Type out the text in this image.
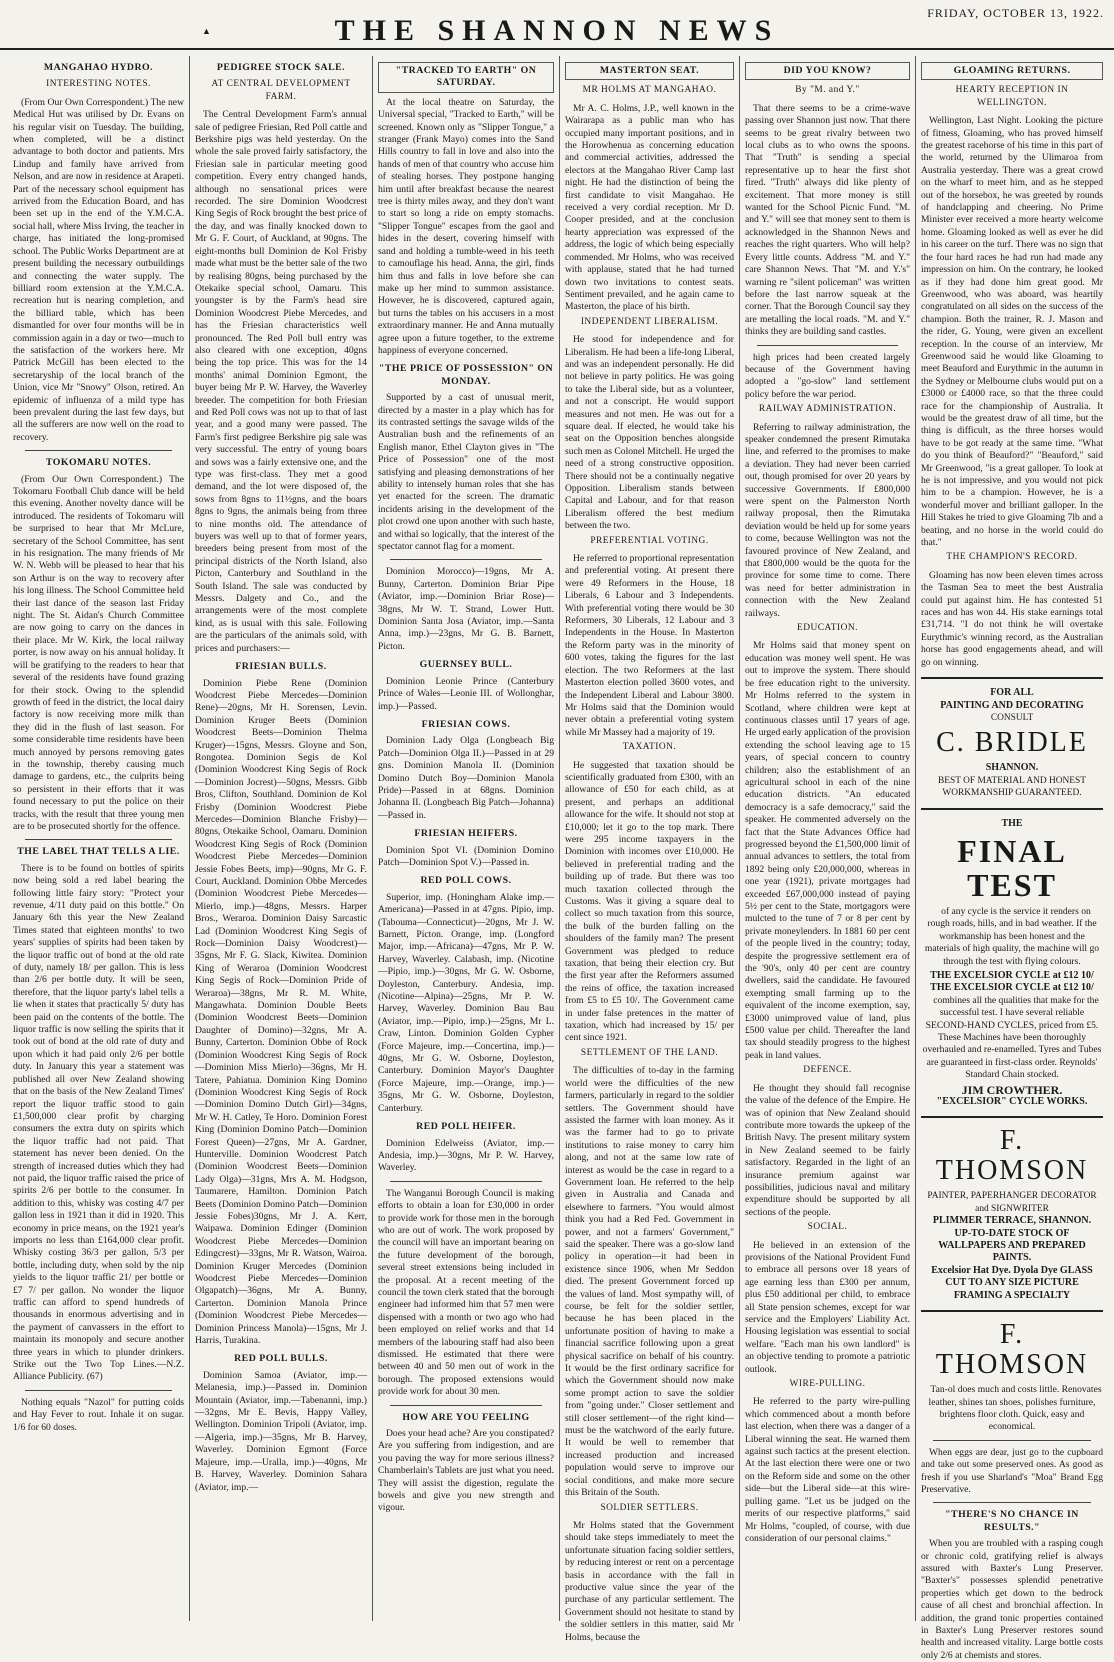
▲	THE SHANNON NEWS
FRIDAY, OCTOBER 13, 1922.
MANGAHAO HYDRO.
INTERESTING NOTES.
(From Our Own Correspondent.) The new Medical Hut was utilised by Dr. Evans on his regular visit on Tuesday. The building, when completed, will be a distinct advantage to both doctor and patients. Mrs Lindup and family have arrived from Nelson, and are now in residence at Arapeti. Part of the necessary school equipment has arrived from the Education Board, and has been set up in the end of the Y.M.C.A. social hall, where Miss Irving, the teacher in charge, has initiated the long-promised school. The Public Works Department are at present building the necessary outbuildings and connecting the water supply. The billiard room extension at the Y.M.C.A. recreation hut is nearing completion, and the billiard table, which has been dismantled for over four months will be in commission again in a day or two—much to the satisfaction of the workers here. Mr Patrick McGill has been elected to the secretaryship of the local branch of the Union, vice Mr "Snowy" Olson, retired. An epidemic of influenza of a mild type has been prevalent during the last few days, but all the sufferers are now well on the road to recovery.
TOKOMARU NOTES.
(From Our Own Correspondent.) The Tokomaru Football Club dance will be held this evening. Another novelty dance will be introduced. The residents of Tokomaru will be surprised to hear that Mr McLure, secretary of the School Committee, has sent in his resignation. The many friends of Mr W. N. Webb will be pleased to hear that his son Arthur is on the way to recovery after his long illness. The School Committee held their last dance of the season last Friday night. The St. Aidan's Church Committee are now going to carry on the dances in their place. Mr W. Kirk, the local railway porter, is now away on his annual holiday. It will be gratifying to the readers to hear that several of the residents have found grazing for their stock. Owing to the splendid growth of feed in the district, the local dairy factory is now receiving more milk than they did in the flush of last season. For some considerable time residents have been much annoyed by persons removing gates in the township, thereby causing much damage to gardens, etc., the culprits being so persistent in their efforts that it was found necessary to put the police on their tracks, with the result that three young men are to be prosecuted shortly for the offence.
THE LABEL THAT TELLS A LIE.
There is to be found on bottles of spirits now being sold a red label bearing the following little fairy story: "Protect your revenue, 4/11 duty paid on this bottle." On January 6th this year the New Zealand Times stated that eighteen months' to two years' supplies of spirits had been taken by the liquor traffic out of bond at the old rate of duty, namely 18/ per gallon. This is less than 2/6 per bottle duty. It will be seen, therefore, that the liquor party's label tells a lie when it states that practically 5/ duty has been paid on the contents of the bottle. The liquor traffic is now selling the spirits that it took out of bond at the old rate of duty and upon which it had paid only 2/6 per bottle duty. In January this year a statement was published all over New Zealand showing that on the basis of the New Zealand Times' report the liquor traffic stood to gain £1,500,000 clear profit by charging consumers the extra duty on spirits which the liquor traffic had not paid. That statement has never been denied. On the strength of increased duties which they had not paid, the liquor traffic raised the price of spirits 2/6 per bottle to the consumer. In addition to this, whisky was costing 4/7 per gallon less in 1921 than it did in 1920. This economy in price means, on the 1921 year's imports no less than £164,000 clear profit. Whisky costing 36/3 per gallon, 5/3 per bottle, including duty, when sold by the nip yields to the liquor traffic 21/ per bottle or £7 7/ per gallon. No wonder the liquor traffic can afford to spend hundreds of thousands in enormous advertising and in the payment of canvassers in the effort to maintain its monopoly and secure another three years in which to plunder drinkers. Strike out the Two Top Lines.—N.Z. Alliance Publicity. (67)
Nothing equals "Nazol" for putting colds and Hay Fever to rout. Inhale it on sugar. 1/6 for 60 doses.
PEDIGREE STOCK SALE.
AT CENTRAL DEVELOPMENT FARM.
The Central Development Farm's annual sale of pedigree Friesian, Red Poll cattle and Berkshire pigs was held yesterday. On the whole the sale proved fairly satisfactory, the Friesian sale in particular meeting good competition. Every entry changed hands, although no sensational prices were recorded. The sire Dominion Woodcrest King Segis of Rock brought the best price of the day, and was finally knocked down to Mr G. F. Court, of Auckland, at 90gns. The eight-months bull Dominion de Kol Frisby made what must be the better sale of the two by realising 80gns, being purchased by the Otekaike special school, Oamaru. This youngster is by the Farm's head sire Dominion Woodcrest Piebe Mercedes, and has the Friesian characteristics well pronounced. The Red Poll bull entry was also cleared with one exception, 40gns being the top price. This was for the 14 months' animal Dominion Egmont, the buyer being Mr P. W. Harvey, the Waverley breeder. The competition for both Friesian and Red Poll cows was not up to that of last year, and a good many were passed. The Farm's first pedigree Berkshire pig sale was very successful. The entry of young boars and sows was a fairly extensive one, and the type was first-class. They met a good demand, and the lot were disposed of, the sows from 8gns to 11½gns, and the boars 8gns to 9gns, the animals being from three to nine months old. The attendance of buyers was well up to that of former years, breeders being present from most of the principal districts of the North Island, also Picton, Canterbury and Southland in the South Island. The sale was conducted by Messrs. Dalgety and Co., and the arrangements were of the most complete kind, as is usual with this sale. Following are the particulars of the animals sold, with prices and purchasers:—
FRIESIAN BULLS.
Dominion Piebe Rene (Dominion Woodcrest Piebe Mercedes—Dominion Rene)—20gns, Mr H. Sorensen, Levin. Dominion Kruger Beets (Dominion Woodcrest Beets—Dominion Thelma Kruger)—15gns, Messrs. Gloyne and Son, Rongotea. Dominion Segis de Kol (Dominion Woodcrest King Segis of Rock—Dominion Jocrest)—50gns, Messrs. Gibb Bros, Clifton, Southland. Dominion de Kol Frisby (Dominion Woodcrest Piebe Mercedes—Dominion Blanche Frisby)—80gns, Otekaike School, Oamaru. Dominion Woodcrest King Segis of Rock (Dominion Woodcrest Piebe Mercedes—Dominion Jessie Fobes Beets, imp)—90gns, Mr G. F. Court, Auckland. Dominion Obbe Mercedes (Dominion Woodcrest Piebe Mercedes—Mierlo, imp.)—48gns, Messrs. Harper Bros., Weraroa. Dominion Daisy Sarcastic Lad (Dominion Woodcrest King Segis of Rock—Dominion Daisy Woodcrest)—35gns, Mr F. G. Slack, Kiwitea. Dominion King of Weraroa (Dominion Woodcrest King Segis of Rock—Dominion Pride of Weraroa)—38gns, Mr R. M. White, Mangawhata. Dominion Double Beets (Dominion Woodcrest Beets—Dominion Daughter of Domino)—32gns, Mr A. Bunny, Carterton. Dominion Obbe of Rock (Dominion Woodcrest King Segis of Rock—Dominion Miss Mierlo)—36gns, Mr H. Tatere, Pahiatua. Dominion King Domino (Dominion Woodcrest King Segis of Rock—Dominion Domino Dutch Girl)—34gns, Mr W. H. Catley, Te Horo. Dominion Forest King (Dominion Domino Patch—Dominion Forest Queen)—27gns, Mr A. Gardner, Hunterville. Dominion Woodcrest Patch (Dominion Woodcrest Beets—Dominion Lady Olga)—31gns, Mrs A. M. Hodgson, Taumarere, Hamilton. Dominion Patch Beets (Dominion Domino Patch—Dominion Jessie Fobes)30gns, Mr J. A. Kerr, Waipawa. Dominion Edinger (Dominion Woodcrest Piebe Mercedes—Dominion Edingcrest)—33gns, Mr R. Watson, Wairoa. Dominion Kruger Mercedes (Dominion Woodcrest Piebe Mercedes—Dominion Olgapatch)—36gns, Mr A. Bunny, Carterton. Dominion Manola Prince (Dominion Woodcrest Piebe Mercedes—Dominion Princess Manola)—15gns, Mr J. Harris, Turakina.
RED POLL BULLS.
Dominion Samoa (Aviator, imp.—Melanesia, imp.)—Passed in. Dominion Mountain (Aviator, imp.—Tabenanni, imp.)—32gns, Mr E. Bevis, Happy Valley, Wellington. Dominion Tripoli (Aviator, imp.—Algeria, imp.)—35gns, Mr B. Harvey, Waverley. Dominion Egmont (Force Majeure, imp.—Uralla, imp.)—40gns, Mr B. Harvey, Waverley. Dominion Sahara (Aviator, imp.—
"TRACKED TO EARTH" ON SATURDAY.
At the local theatre on Saturday, the Universal special, "Tracked to Earth," will be screened. Known only as "Slipper Tongue," a stranger (Frank Mayo) comes into the Sand Hills country to fall in love and also into the hands of men of that country who accuse him of stealing horses. They postpone hanging him until after breakfast because the nearest tree is thirty miles away, and they don't want to start so long a ride on empty stomachs. "Slipper Tongue" escapes from the gaol and hides in the desert, covering himself with sand and holding a tumble-weed in his teeth to camouflage his head. Anna, the girl, finds him thus and falls in love before she can make up her mind to summon assistance. However, he is discovered, captured again, but turns the tables on his accusers in a most extraordinary manner. He and Anna mutually agree upon a future together, to the extreme happiness of everyone concerned.
"THE PRICE OF POSSESSION" ON MONDAY.
Supported by a cast of unusual merit, directed by a master in a play which has for its contrasted settings the savage wilds of the Australian bush and the refinements of an English manor, Ethel Clayton gives in "The Price of Possession" one of the most satisfying and pleasing demonstrations of her ability to intensely human roles that she has yet enacted for the screen. The dramatic incidents arising in the development of the plot crowd one upon another with such haste, and withal so logically, that the interest of the spectator cannot flag for a moment.
Dominion Morocco)—19gns, Mr A. Bunny, Carterton. Dominion Briar Pipe (Aviator, imp.—Dominion Briar Rose)—38gns, Mr W. T. Strand, Lower Hutt. Dominion Santa Josa (Aviator, imp.—Santa Anna, imp.)—23gns, Mr G. B. Barnett, Picton.
GUERNSEY BULL.
Dominion Leonie Prince (Canterbury Prince of Wales—Leonie III. of Wollonghar, imp.)—Passed.
FRIESIAN COWS.
Dominion Lady Olga (Longbeach Big Patch—Dominion Olga II.)—Passed in at 29 gns. Dominion Manola II. (Dominion Domino Dutch Boy—Dominion Manola Pride)—Passed in at 68gns. Dominion Johanna II. (Longbeach Big Patch—Johanna)—Passed in.
FRIESIAN HEIFERS.
Dominion Spot VI. (Dominion Domino Patch—Dominion Spot V.)—Passed in.
RED POLL COWS.
Superior, imp. (Honingham Alake imp.—Americana)—Passed in at 47gns. Pipio, imp. (Tabouma—Connecticut)—20gns, Mr J. W. Barnett, Picton. Orange, imp. (Longford Major, imp.—Africana)—47gns, Mr P. W. Harvey, Waverley. Calabash, imp. (Nicotine—Pipio, imp.)—30gns, Mr G. W. Osborne, Doyleston, Canterbury. Andesia, imp. (Nicotine—Alpina)—25gns, Mr P. W. Harvey, Waverley. Dominion Bau Bau (Aviator, imp.—Pipio, imp.)—25gns, Mr L. Craw, Linton. Dominion Golden Cypher (Force Majeure, imp.—Concertina, imp.)—40gns, Mr G. W. Osborne, Doyleston, Canterbury. Dominion Mayor's Daughter (Force Majeure, imp.—Orange, imp.)—35gns, Mr G. W. Osborne, Doyleston, Canterbury.
RED POLL HEIFER.
Dominion Edelweiss (Aviator, imp.—Andesia, imp.)—30gns, Mr P. W. Harvey, Waverley.
The Wanganui Borough Council is making efforts to obtain a loan for £30,000 in order to provide work for those men in the borough who are out of work. The work proposed by the council will have an important bearing on the future development of the borough, several street extensions being included in the proposal. At a recent meeting of the council the town clerk stated that the borough engineer had informed him that 57 men were dispensed with a month or two ago who had been employed on relief works and that 14 members of the labouring staff had also been dismissed. He estimated that there were between 40 and 50 men out of work in the borough. The proposed extensions would provide work for about 30 men.
HOW ARE YOU FEELING
Does your head ache? Are you constipated? Are you suffering from indigestion, and are you paving the way for more serious illness? Chamberlain's Tablets are just what you need. They will assist the digestion, regulate the bowels and give you new strength and vigour.
MASTERTON SEAT.
MR HOLMS AT MANGAHAO.
Mr A. C. Holms, J.P., well known in the Wairarapa as a public man who has occupied many important positions, and in the Horowhenua as concerning education and commercial activities, addressed the electors at the Mangahao River Camp last night. He had the distinction of being the first candidate to visit Mangahao. He received a very cordial reception. Mr D. Cooper presided, and at the conclusion hearty appreciation was expressed of the address, the logic of which being especially commended. Mr Holms, who was received with applause, stated that he had turned down two invitations to contest seats. Sentiment prevailed, and he again came to Masterton, the place of his birth.
INDEPENDENT LIBERALISM.
He stood for independence and for Liberalism. He had been a life-long Liberal, and was an independent personally. He did not believe in party politics. He was going to take the Liberal side, but as a volunteer, and not a conscript. He would support measures and not men. He was out for a square deal. If elected, he would take his seat on the Opposition benches alongside such men as Colonel Mitchell. He urged the need of a strong constructive opposition. There should not be a continually negative Opposition. Liberalism stands between Capital and Labour, and for that reason Liberalism offered the best medium between the two.
PREFERENTIAL VOTING.
He referred to proportional representation and preferential voting. At present there were 49 Reformers in the House, 18 Liberals, 6 Labour and 3 Independents. With preferential voting there would be 30 Reformers, 30 Liberals, 12 Labour and 3 Independents in the House. In Masterton the Reform party was in the minority of 600 votes, taking the figures for the last election. The two Reformers at the last Masterton election polled 3600 votes, and the Independent Liberal and Labour 3800. Mr Holms said that the Dominion would never obtain a preferential voting system while Mr Massey had a majority of 19.
TAXATION.
He suggested that taxation should be scientifically graduated from £300, with an allowance of £50 for each child, as at present, and perhaps an additional allowance for the wife. It should not stop at £10,000; let it go to the top mark. There were 295 income taxpayers in the Dominion with incomes over £10,000. He believed in preferential trading and the building up of trade. But there was too much taxation collected through the Customs. Was it giving a square deal to collect so much taxation from this source, the bulk of the burden falling on the shoulders of the family man? The present Government was pledged to reduce taxation, that being their election cry. But the first year after the Reformers assumed the reins of office, the taxation increased from £5 to £5 10/. The Government came in under false pretences in the matter of taxation, which had increased by 15/ per cent since 1921.
SETTLEMENT OF THE LAND.
The difficulties of to-day in the farming world were the difficulties of the new farmers, particularly in regard to the soldier settlers. The Government should have assisted the farmer with loan money. As it was the farmer had to go to private institutions to raise money to carry him along, and not at the same low rate of interest as would be the case in regard to a Government loan. He referred to the help given in Australia and Canada and elsewhere to farmers. "You would almost think you had a Red Fed. Government in power, and not a farmers' Government," said the speaker. There was a go-slow land policy in operation—it had been in existence since 1906, when Mr Seddon died. The present Government forced up the values of land. Most sympathy will, of course, be felt for the soldier settler, because he has been placed in the unfortunate position of having to make a financial sacrifice following upon a great physical sacrifice on behalf of his country. It would be the first ordinary sacrifice for which the Government should now make some prompt action to save the soldier from "going under." Closer settlement and still closer settlement—of the right kind—must be the watchword of the early future. It would be well to remember that increased production and increased population would serve to improve our social conditions, and make more secure this Britain of the South.
SOLDIER SETTLERS.
Mr Holms stated that the Government should take steps immediately to meet the unfortunate situation facing soldier settlers, by reducing interest or rent on a percentage basis in accordance with the fall in productive value since the year of the purchase of any particular settlement. The Government should not hesitate to stand by the soldier settlers in this matter, said Mr Holms, because the
DID YOU KNOW?
By "M. and Y."
That there seems to be a crime-wave passing over Shannon just now. That there seems to be great rivalry between two local clubs as to who owns the spoons. That "Truth" is sending a special representative up to hear the first shot fired. "Truth" always did like plenty of excitement. That more money is still wanted for the School Picnic Fund. "M. and Y." will see that money sent to them is acknowledged in the Shannon News and reaches the right quarters. Who will help? Every little counts. Address "M. and Y." care Shannon News. That "M. and Y.'s" warning re "silent policeman" was written before the last narrow squeak at the corner. That the Borough Council say they are metalling the local roads. "M. and Y." thinks they are building sand castles.
high prices had been created largely because of the Government having adopted a "go-slow" land settlement policy before the war period.
RAILWAY ADMINISTRATION.
Referring to railway administration, the speaker condemned the present Rimutaka line, and referred to the promises to make a deviation. They had never been carried out, though promised for over 20 years by successive Governments. If £800,000 were spent on the Palmerston North railway proposal, then the Rimutaka deviation would be held up for some years to come, because Wellington was not the favoured province of New Zealand, and that £800,000 would be the quota for the province for some time to come. There was need for better administration in connection with the New Zealand railways.
EDUCATION.
Mr Holms said that money spent on education was money well spent. He was out to improve the system. There should be free education right to the university. Mr Holms referred to the system in Scotland, where children were kept at continuous classes until 17 years of age. He urged early application of the provision extending the school leaving age to 15 years, of special concern to country children; also the establishment of an agricultural school in each of the nine education districts. "An educated democracy is a safe democracy," said the speaker. He commented adversely on the fact that the State Advances Office had progressed beyond the £1,500,000 limit of annual advances to settlers, the total from 1892 being only £20,000,000, whereas in one year (1921), private mortgages had exceeded £67,000,000 instead of paying 5½ per cent to the State, mortgagors were mulcted to the tune of 7 or 8 per cent by private moneylenders. In 1881 60 per cent of the people lived in the country; today, despite the progressive settlement era of the '90's, only 40 per cent are country dwellers, said the candidate. He favoured exempting small farming up to the equivalent of the income exemption, say, £3000 unimproved value of land, plus £500 value per child. Thereafter the land tax should steadily progress to the highest peak in land values.
DEFENCE.
He thought they should fall recognise the value of the defence of the Empire. He was of opinion that New Zealand should contribute more towards the upkeep of the British Navy. The present military system in New Zealand seemed to be fairly satisfactory. Regarded in the light of an insurance premium against war possibilities, judicious naval and military expenditure should be supported by all sections of the people.
SOCIAL.
He believed in an extension of the provisions of the National Provident Fund to embrace all persons over 18 years of age earning less than £300 per annum, plus £50 additional per child, to embrace all State pension schemes, except for war service and the Employers' Liability Act. Housing legislation was essential to social welfare. "Each man his own landlord" is an objective tending to promote a patriotic outlook.
WIRE-PULLING.
He referred to the party wire-pulling which commenced about a month before last election, when there was a danger of a Liberal winning the seat. He warned them against such tactics at the present election. At the last election there were one or two on the Reform side and some on the other side—but the Liberal side—at this wire-pulling game. "Let us be judged on the merits of our respective platforms," said Mr Holms, "coupled, of course, with due consideration of our personal claims."
GLOAMING RETURNS.
HEARTY RECEPTION IN WELLINGTON.
Wellington, Last Night. Looking the picture of fitness, Gloaming, who has proved himself the greatest racehorse of his time in this part of the world, returned by the Ulimaroa from Australia yesterday. There was a great crowd on the wharf to meet him, and as he stepped out of the horsebox, he was greeted by rounds of handclapping and cheering. No Prime Minister ever received a more hearty welcome home. Gloaming looked as well as ever he did in his career on the turf. There was no sign that the four hard races he had run had made any impression on him. On the contrary, he looked as if they had done him great good. Mr Greenwood, who was aboard, was heartily congratulated on all sides on the success of the champion. Both the trainer, R. J. Mason and the rider, G. Young, were given an excellent reception. In the course of an interview, Mr Greenwood said he would like Gloaming to meet Beauford and Eurythmic in the autumn in the Sydney or Melbourne clubs would put on a £3000 or £4000 race, so that the three could race for the championship of Australia. It would be the greatest draw of all time, but the thing is difficult, as the three horses would have to be got ready at the same time. "What do you think of Beauford?" "Beauford," said Mr Greenwood, "is a great galloper. To look at he is not impressive, and you would not pick him to be a champion. However, he is a wonderful mover and brilliant galloper. In the Hill Stakes he tried to give Gloaming 7lb and a beating, and no horse in the world could do that."
THE CHAMPION'S RECORD.
Gloaming has now been eleven times across the Tasman Sea to meet the best Australia could put against him. He has contested 51 races and has won 44. His stake earnings total £31,714. "I do not think he will overtake Eurythmic's winning record, as the Australian horse has good engagements ahead, and will go on winning.
FOR ALL
PAINTING AND DECORATING
CONSULT
C. BRIDLE
SHANNON.
BEST OF MATERIAL AND HONEST WORKMANSHIP GUARANTEED.
THE
FINAL TEST
of any cycle is the service it renders on rough roads, hills, and in bad weather. If the workmanship has been honest and the materials of high quality, the machine will go through the test with flying colours.
THE EXCELSIOR CYCLE at £12 10/
THE EXCELSIOR CYCLE at £12 10/
combines all the qualities that make for the successful test. I have several reliable SECOND-HAND CYCLES, priced from £5. These Machines have been thoroughly overhauled and re-enamelled. Tyres and Tubes are guaranteed in first-class order. Reynolds' Standard Chain stocked.
JIM CROWTHER.
"EXCELSIOR" CYCLE WORKS.
F. THOMSON
PAINTER, PAPERHANGER DECORATOR and SIGNWRITER
PLIMMER TERRACE, SHANNON.
UP-TO-DATE STOCK OF WALLPAPERS AND PREPARED PAINTS.
Excelsior Hat Dye. Dyola Dye GLASS CUT TO ANY SIZE PICTURE FRAMING A SPECIALTY
F. THOMSON
Tan-ol does much and costs little. Renovates leather, shines tan shoes, polishes furniture, brightens floor cloth. Quick, easy and economical.
When eggs are dear, just go to the cupboard and take out some preserved ones. As good as fresh if you use Sharland's "Moa" Brand Egg Preservative.
"THERE'S NO CHANCE IN RESULTS."
When you are troubled with a rasping cough or chronic cold, gratifying relief is always assured with Baxter's Lung Preserver. "Baxter's" possesses splendid penetrative properties which get down to the bedrock cause of all chest and bronchial affection. In addition, the grand tonic properties contained in Baxter's Lung Preserver restores sound health and increased vitality. Large bottle costs only 2/6 at chemists and stores.
